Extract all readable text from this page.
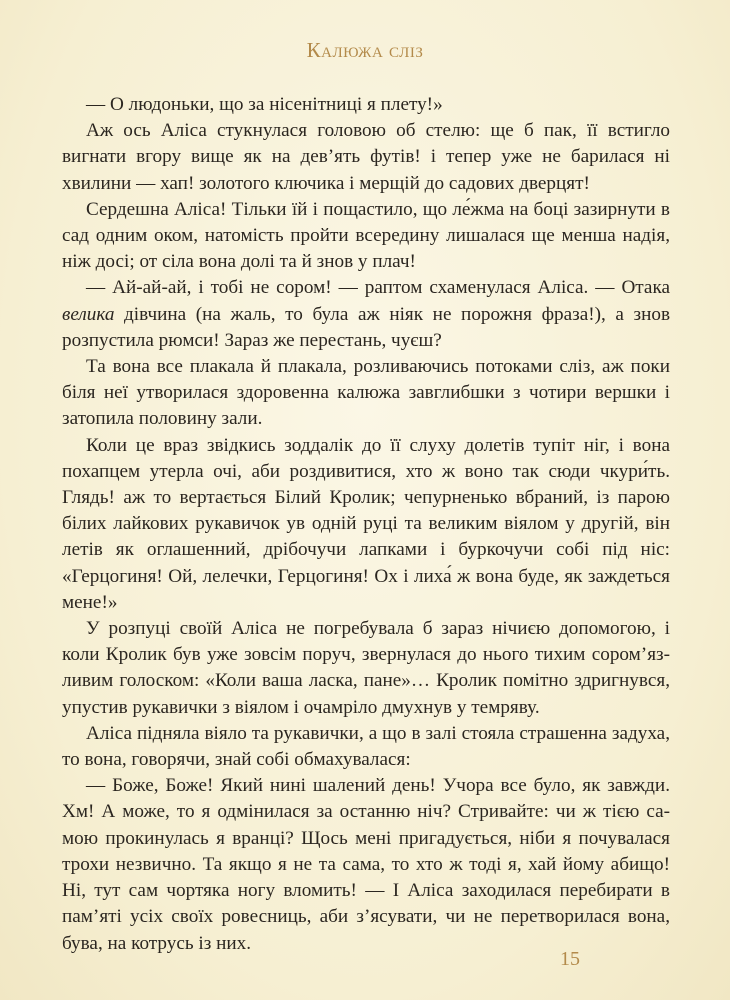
Калюжа сліз

— О людоньки, що за нісенітниці я плету!»

Аж ось Аліса стукнулася головою об стелю: ще б пак, її встигло вигнати вгору вище як на дев’ять футів! і тепер уже не барилася ні хвилини — хап! золотого ключика і мерщій до садових дверцят!

Сердешна Аліса! Тільки їй і пощастило, що ле́жма на боці зазирнути в сад одним оком, натомість пройти всередину лишалася ще менша надія, ніж досі; от сіла вона долі та й знов у плач!

— Ай-ай-ай, і тобі не сором! — раптом схаменулася Аліса. — Отака велика дівчина (на жаль, то була аж ніяк не порожня фраза!), а знов розпустила рюмси! Зараз же перестань, чуєш?

Та вона все плакала й плакала, розливаючись потоками сліз, аж поки біля неї утворилася здоровенна калюжа завглибшки з чотири вершки і затопила половину зали.

Коли це враз звідкись зоддалік до її слуху долетів тупіт ніг, і вона похапцем утерла очі, аби роздивитися, хто ж воно так сюди чкури́ть. Глядь! аж то вертається Білий Кролик; чепурненько вбраний, із парою білих лайкових рукавичок ув одній руці та великим віялом у другій, він летів як оглашенний, дрібочучи лапками і буркочучи собі під ніс: «Герцогиня! Ой, лелечки, Герцогиня! Ох і лиха́ ж вона буде, як заждеться мене!»

У розпуці своїй Аліса не погребувала б зараз нічиєю допомогою, і коли Кролик був уже зовсім поруч, звернулася до нього тихим сором’язливим голоском: «Коли ваша ласка, пане»… Кролик помітно здригнувся, упустив рукавички з віялом і очамріло дмухнув у темряву.

Аліса підняла віяло та рукавички, а що в залі стояла страшенна задуха, то вона, говорячи, знай собі обмахувалася:

— Боже, Боже! Який нині шалений день! Учора все було, як завжди. Хм! А може, то я одмінилася за останню ніч? Стривайте: чи ж тією самою прокинулась я вранці? Щось мені пригадується, ніби я почувалася трохи незвично. Та якщо я не та сама, то хто ж тоді я, хай йому абищо! Ні, тут сам чортяка ногу вломить! — І Аліса заходилася перебирати в пам’яті усіх своїх ровесниць, аби з’ясувати, чи не перетворилася вона, бува, на котрусь із них.

15
